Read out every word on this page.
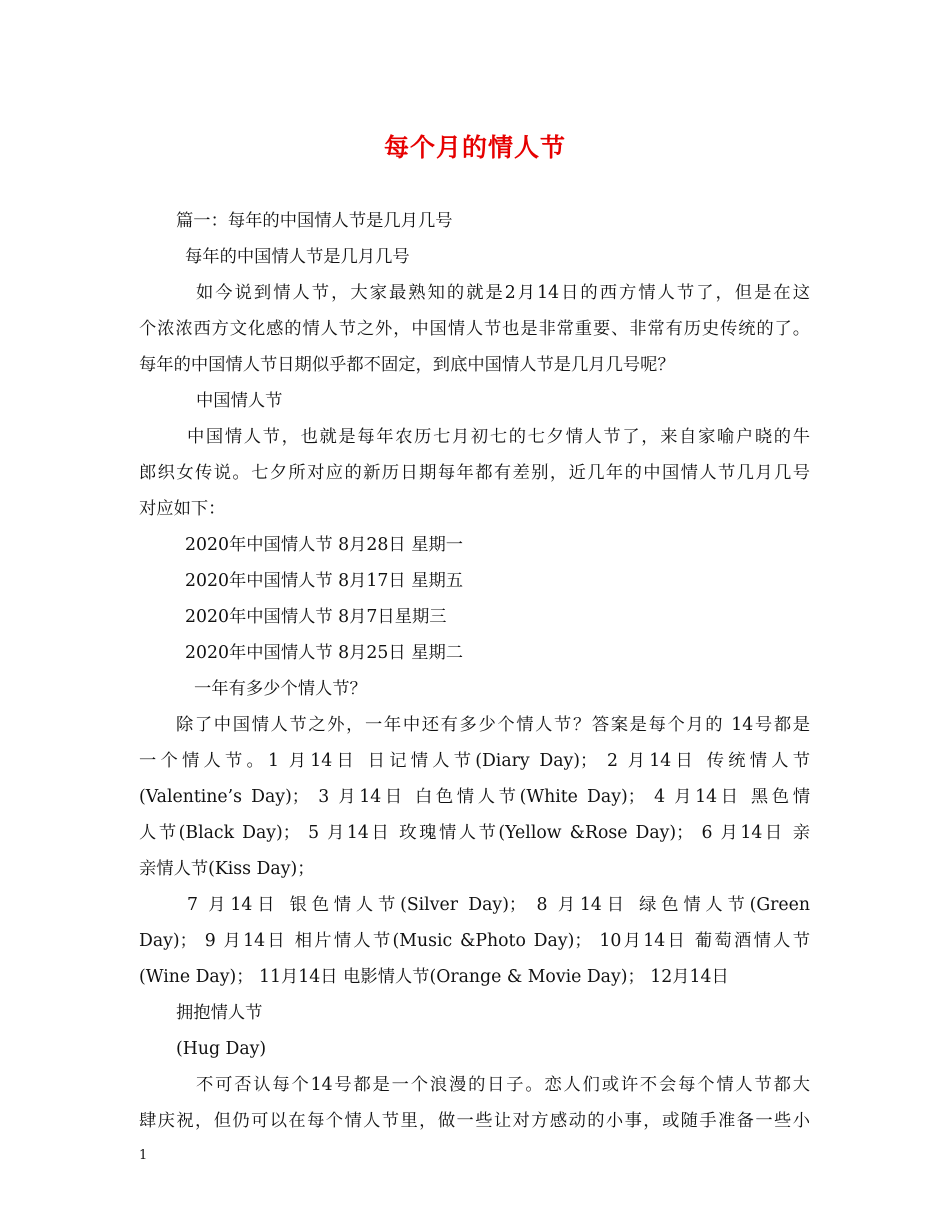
每个月的情人节
篇一：每年的中国情人节是几月几号
每年的中国情人节是几月几号
如今说到情人节，大家最熟知的就是2月14日的西方情人节了，但是在这
个浓浓西方文化感的情人节之外，中国情人节也是非常重要、非常有历史传统的了。
每年的中国情人节日期似乎都不固定，到底中国情人节是几月几号呢？
中国情人节
中国情人节，也就是每年农历七月初七的七夕情人节了，来自家喻户晓的牛
郎织女传说。七夕所对应的新历日期每年都有差别，近几年的中国情人节几月几号
对应如下：
2020年中国情人节 8月28日 星期一
2020年中国情人节 8月17日 星期五
2020年中国情人节 8月7日星期三
2020年中国情人节 8月25日 星期二
一年有多少个情人节？
除了中国情人节之外，一年中还有多少个情人节？答案是每个月的 14号都是
一个情人节。1 月14日 日记情人节(Diary Day)； 2 月14日 传统情人节
(Valentine’s Day)； 3 月14日 白色情人节(White Day)； 4 月14日 黑色情
人节(Black Day)； 5 月14日 玫瑰情人节(Yellow &Rose Day)； 6 月14日 亲
亲情人节(Kiss Day)；
7 月14日 银色情人节(Silver Day)； 8 月14日 绿色情人节(Green
Day)； 9 月14日 相片情人节(Music &Photo Day)； 10月14日 葡萄酒情人节
(Wine Day)； 11月14日 电影情人节(Orange & Movie Day)； 12月14日
拥抱情人节
(Hug Day)
不可否认每个14号都是一个浪漫的日子。恋人们或许不会每个情人节都大
肆庆祝，但仍可以在每个情人节里，做一些让对方感动的小事，或随手准备一些小
1
